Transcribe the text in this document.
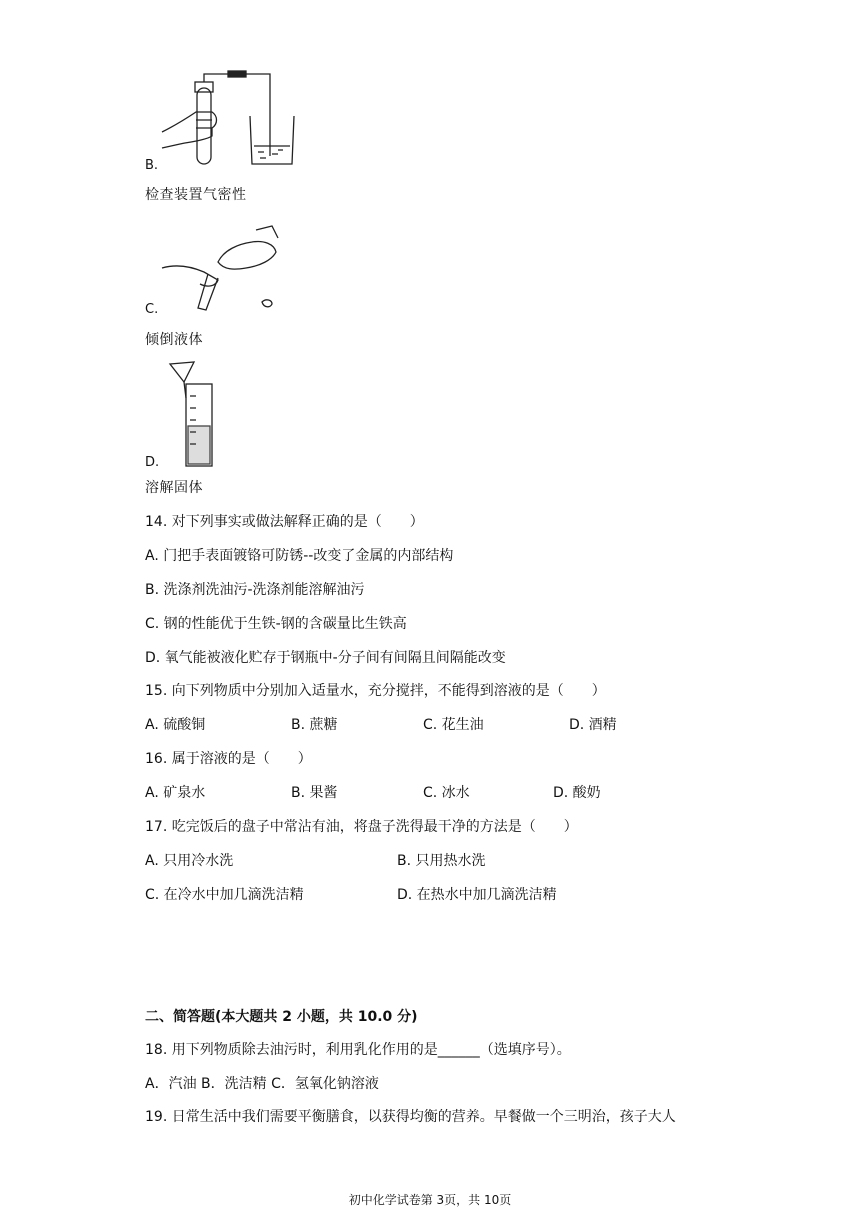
B.
检查装置气密性
C.
倾倒液体
D.
溶解固体
14. 对下列事实或做法解释正确的是（　　）
A. 门把手表面镀铬可防锈--改变了金属的内部结构
B. 洗涤剂洗油污-洗涤剂能溶解油污
C. 钢的性能优于生铁-钢的含碳量比生铁高
D. 氧气能被液化贮存于钢瓶中-分子间有间隔且间隔能改变
15. 向下列物质中分别加入适量水，充分搅拌，不能得到溶液的是（　　）
A. 硫酸铜	B. 蔗糖	C. 花生油	D. 酒精
16. 属于溶液的是（　　）
A. 矿泉水	B. 果酱	C. 冰水	D. 酸奶
17. 吃完饭后的盘子中常沾有油，将盘子洗得最干净的方法是（　　）
A. 只用冷水洗	B. 只用热水洗
C. 在冷水中加几滴洗洁精	D. 在热水中加几滴洗洁精
二、简答题(本大题共 2 小题，共 10.0 分)
18. 用下列物质除去油污时，利用乳化作用的是______（选填序号）。
A．汽油 B．洗洁精 C．氢氧化钠溶液
19. 日常生活中我们需要平衡膳食，以获得均衡的营养。早餐做一个三明治，孩子大人
初中化学试卷第 3页，共 10页
